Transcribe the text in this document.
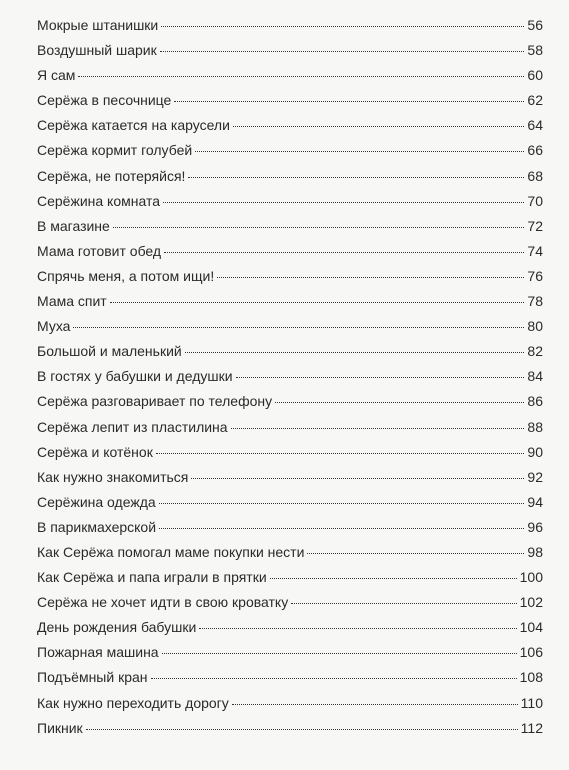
Мокрые штанишки	56
Воздушный шарик	58
Я сам	60
Серёжа в песочнице	62
Серёжа катается на карусели	64
Серёжа кормит голубей	66
Серёжа, не потеряйся!	68
Серёжина комната	70
В магазине	72
Мама готовит обед	74
Спрячь меня, а потом ищи!	76
Мама спит	78
Муха	80
Большой и маленький	82
В гостях у бабушки и дедушки	84
Серёжа разговаривает по телефону	86
Серёжа лепит из пластилина	88
Серёжа и котёнок	90
Как нужно знакомиться	92
Серёжина одежда	94
В парикмахерской	96
Как Серёжа помогал маме покупки нести	98
Как Серёжа и папа играли в прятки	100
Серёжа не хочет идти в свою кроватку	102
День рождения бабушки	104
Пожарная машина	106
Подъёмный кран	108
Как нужно переходить дорогу	110
Пикник	112
